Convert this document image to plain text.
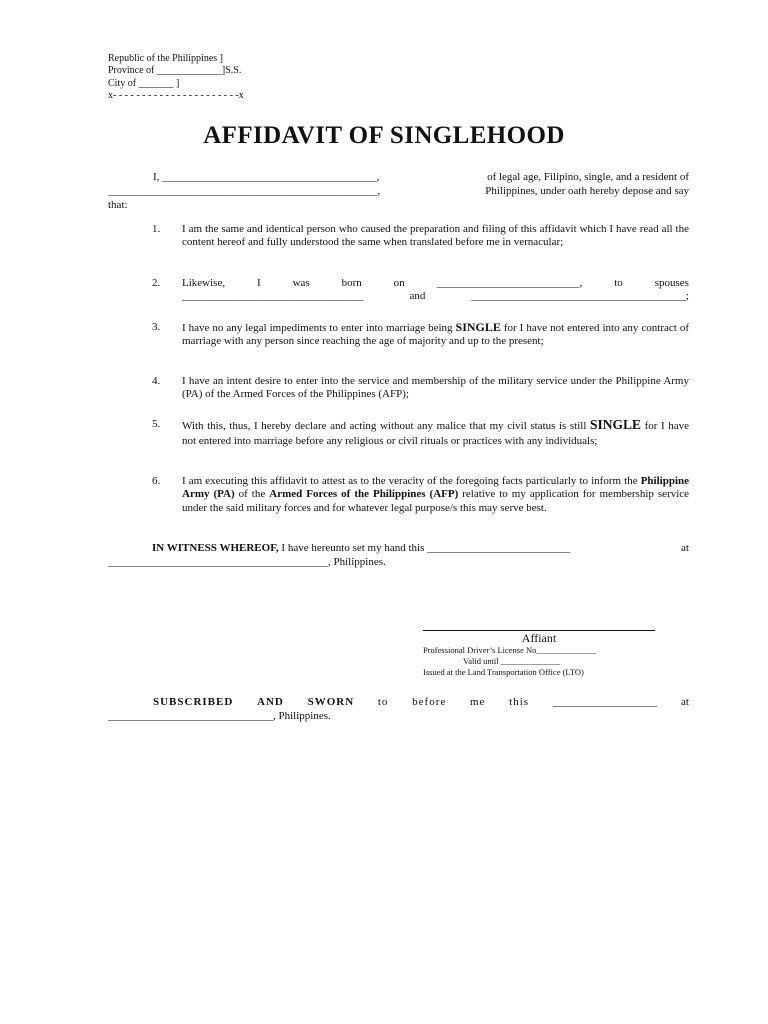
Republic of the Philippines ]
Province of _____________]S.S.
City of _______ ]
x- - - - - - - - - - - - - - - - - - - - - -x
AFFIDAVIT OF SINGLEHOOD
I, _______________________________________,	of legal age, Filipino, single, and a resident of
_________________________________________________,	Philippines, under oath hereby depose and say
that:
1.	I am the same and identical person who caused the preparation and filing of this affidavit which I have read all the content hereof and fully understood the same when translated before me in vernacular;
2.	Likewise,	I	was	born	on	__________________________,	to	spouses
_________________________________	and	_______________________________________;
3.	I have no any legal impediments to enter into marriage being SINGLE for I have not entered into any contract of marriage with any person since reaching the age of majority and up to the present;
4.	I have an intent desire to enter into the service and membership of the military service under the Philippine Army (PA) of the Armed Forces of the Philippines (AFP);
5.	With this, thus, I hereby declare and acting without any malice that my civil status is still SINGLE for I have not entered into marriage before any religious or civil rituals or practices with any individuals;
6.	I am executing this affidavit to attest as to the veracity of the foregoing facts particularly to inform the Philippine Army (PA) of the Armed Forces of the Philippines (AFP) relative to my application for membership service under the said military forces and for whatever legal purpose/s this may serve best.
IN WITNESS WHEREOF, I have hereunto set my hand this __________________________	at
________________________________________, Philippines.
Affiant
Professional Driver’s License No______________
Valid until ______________
Issued at the Land Transportation Office (LTO)
SUBSCRIBED AND SWORN to before me this ___________________ at
______________________________, Philippines.
